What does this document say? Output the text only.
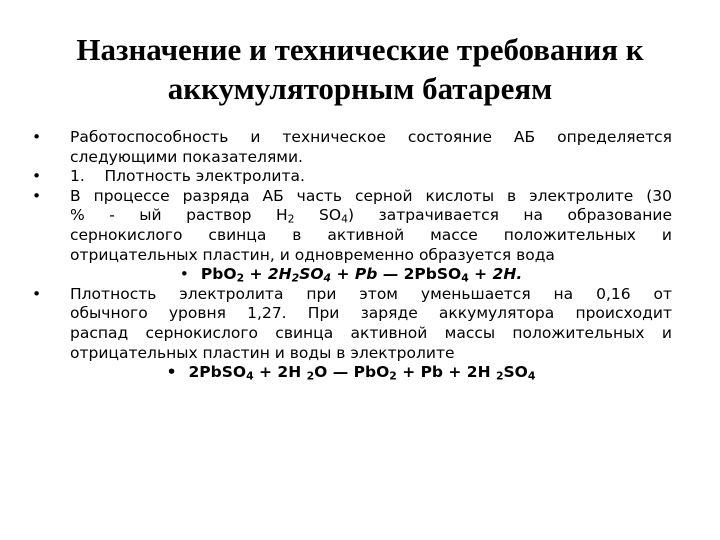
Назначение и технические требования к
аккумуляторным батареям
• Работоспособность и техническое состояние АБ определяется
следующими показателями.
• 1.    Плотность электролита.
• В процессе разряда АБ часть серной кислоты в электролите (30
% - ый раствор $H_2$ $SO_4$) затрачивается на образование
сернокислого свинца в активной массе положительных и
отрицательных пластин, и одновременно образуется вода
• $PbO_2 + 2H_2SO_4 + Pb$ — 2PbSO$_4$ + 2H.
• Плотность электролита при этом уменьшается на 0,16 от
обычного уровня 1,27. При заряде аккумулятора происходит
распад сернокислого свинца активной массы положительных и
отрицательных пластин и воды в электролите
• 2PbSO$_4$ + 2H $_2$O — PbO$_2$ + Pb + 2H $_2SO_4$
